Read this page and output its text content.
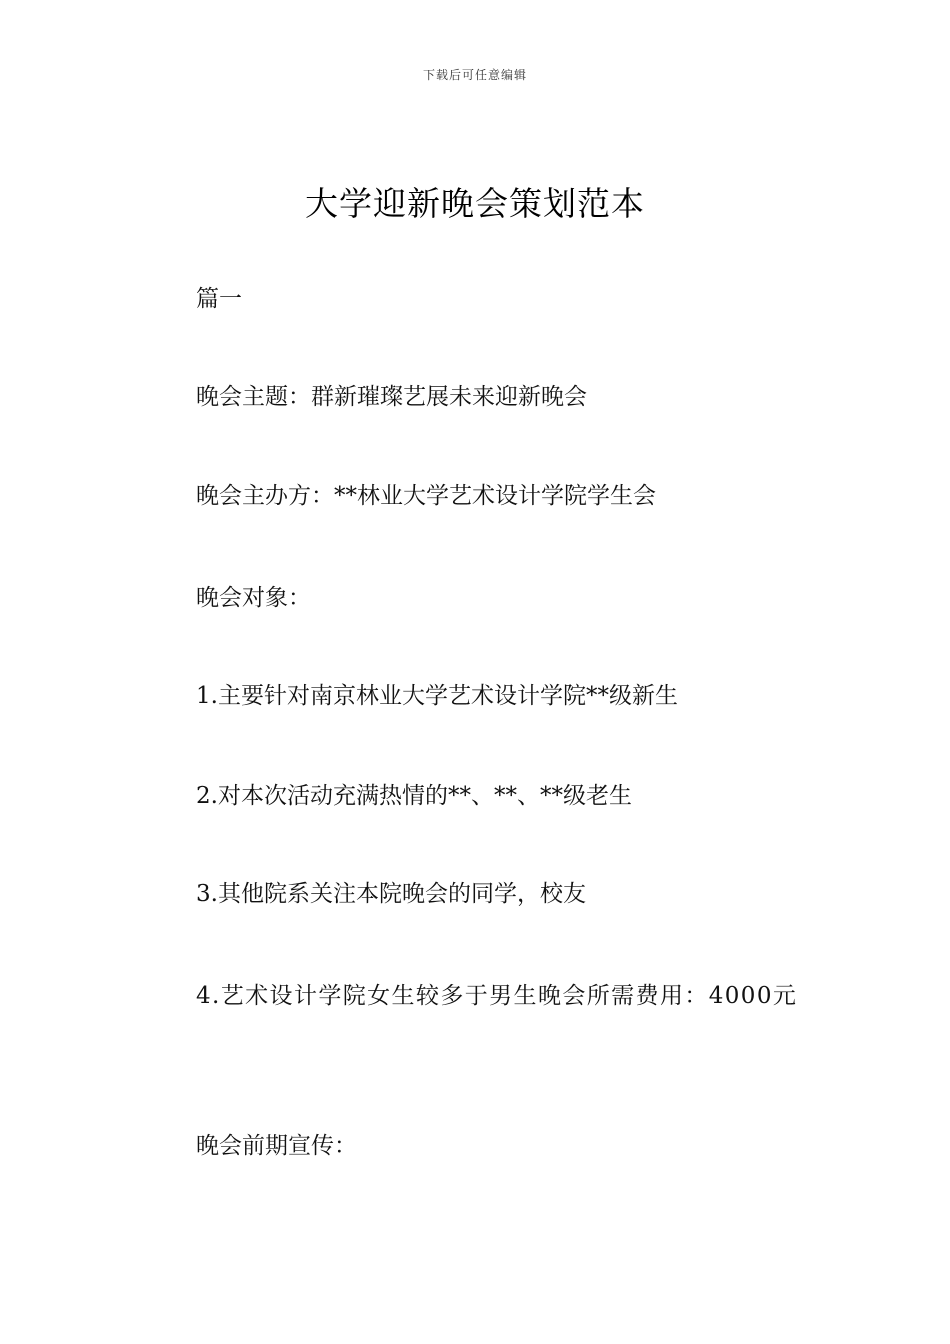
下载后可任意编辑
大学迎新晚会策划范本

篇一

晚会主题：群新璀璨艺展未来迎新晚会

晚会主办方：**林业大学艺术设计学院学生会

晚会对象：

1.主要针对南京林业大学艺术设计学院**级新生

2.对本次活动充满热情的**、**、**级老生

3.其他院系关注本院晚会的同学，校友

4.艺术设计学院女生较多于男生晚会所需费用：4000元

晚会前期宣传：
